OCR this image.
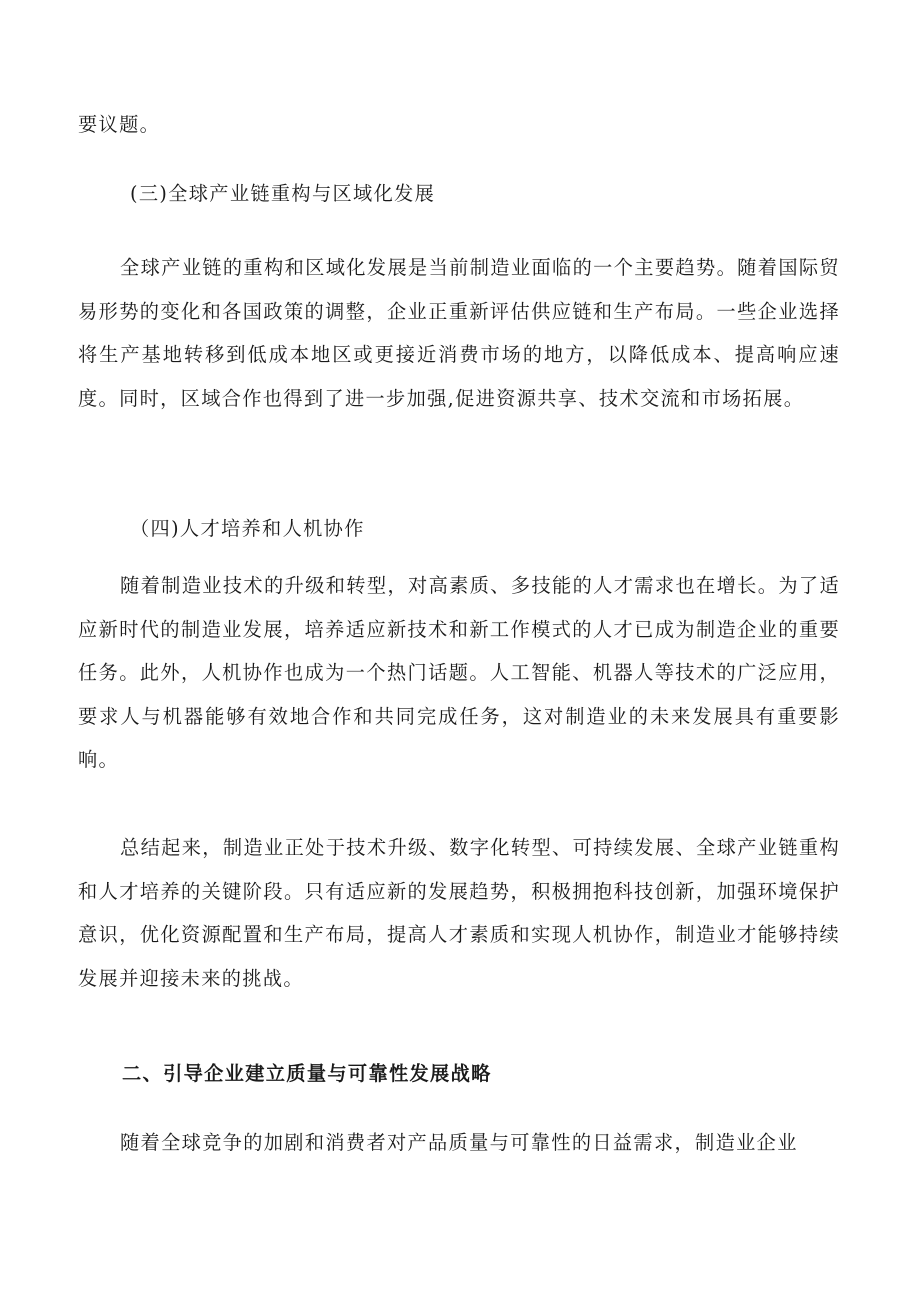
要议题。

(三)全球产业链重构与区域化发展

全球产业链的重构和区域化发展是当前制造业面临的一个主要趋势。随着国际贸易形势的变化和各国政策的调整，企业正重新评估供应链和生产布局。一些企业选择将生产基地转移到低成本地区或更接近消费市场的地方，以降低成本、提高响应速度。同时，区域合作也得到了进一步加强,促进资源共享、技术交流和市场拓展。

（四)人才培养和人机协作

随着制造业技术的升级和转型，对高素质、多技能的人才需求也在增长。为了适应新时代的制造业发展，培养适应新技术和新工作模式的人才已成为制造企业的重要任务。此外，人机协作也成为一个热门话题。人工智能、机器人等技术的广泛应用，要求人与机器能够有效地合作和共同完成任务，这对制造业的未来发展具有重要影响。

总结起来，制造业正处于技术升级、数字化转型、可持续发展、全球产业链重构和人才培养的关键阶段。只有适应新的发展趋势，积极拥抱科技创新，加强环境保护意识，优化资源配置和生产布局，提高人才素质和实现人机协作，制造业才能够持续发展并迎接未来的挑战。

二、引导企业建立质量与可靠性发展战略

随着全球竞争的加剧和消费者对产品质量与可靠性的日益需求，制造业企业
